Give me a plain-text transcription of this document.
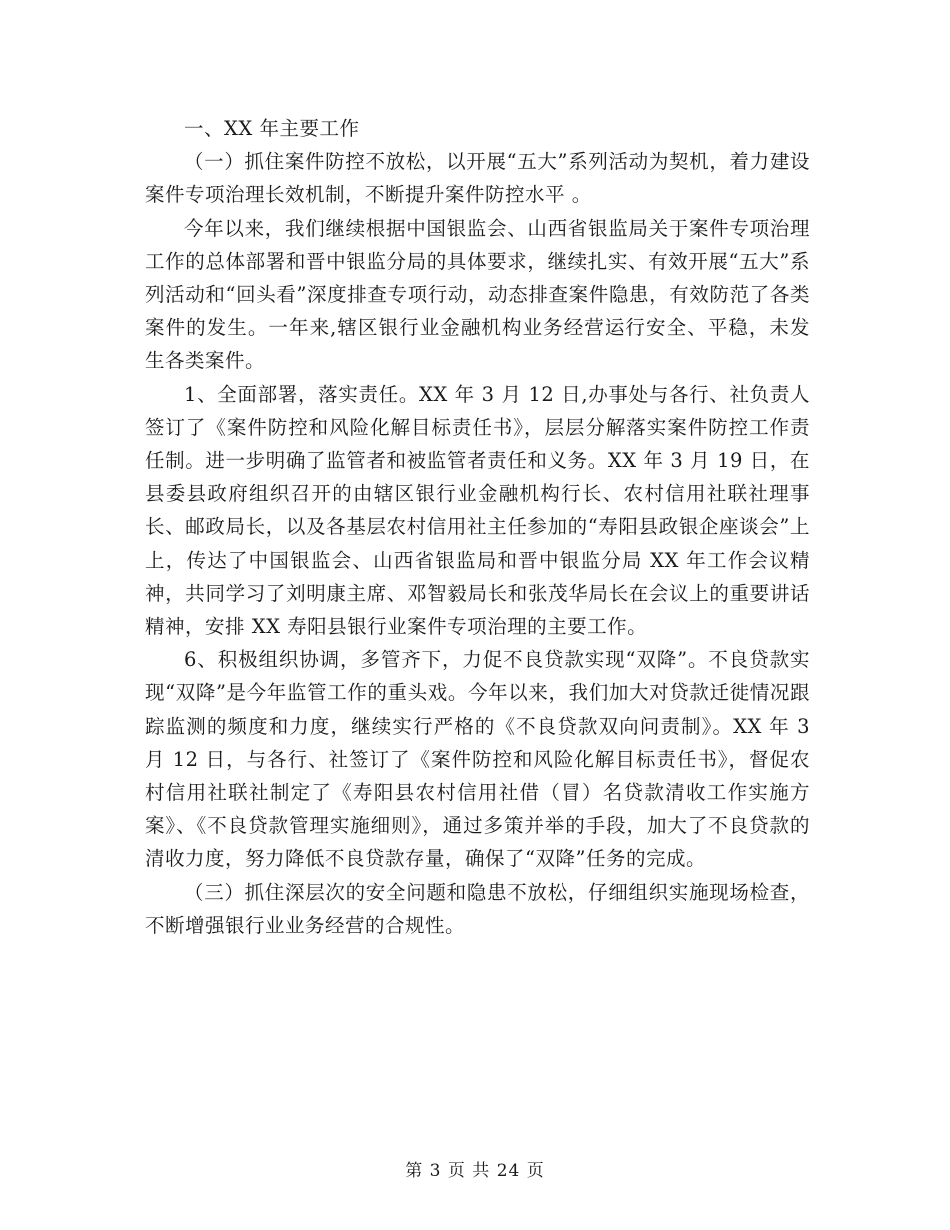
一、XX 年主要工作

（一）抓住案件防控不放松，以开展“五大”系列活动为契机，着力建设案件专项治理长效机制，不断提升案件防控水平 。

今年以来，我们继续根据中国银监会、山西省银监局关于案件专项治理工作的总体部署和晋中银监分局的具体要求，继续扎实、有效开展“五大”系列活动和“回头看”深度排查专项行动，动态排查案件隐患，有效防范了各类案件的发生。一年来,辖区银行业金融机构业务经营运行安全、平稳，未发生各类案件。

1、全面部署，落实责任。XX 年 3 月 12 日,办事处与各行、社负责人签订了《案件防控和风险化解目标责任书》，层层分解落实案件防控工作责任制。进一步明确了监管者和被监管者责任和义务。XX 年 3 月 19 日，在县委县政府组织召开的由辖区银行业金融机构行长、农村信用社联社理事长、邮政局长，以及各基层农村信用社主任参加的“寿阳县政银企座谈会”上上，传达了中国银监会、山西省银监局和晋中银监分局 XX 年工作会议精神，共同学习了刘明康主席、邓智毅局长和张茂华局长在会议上的重要讲话精神，安排 XX 寿阳县银行业案件专项治理的主要工作。

6、积极组织协调，多管齐下，力促不良贷款实现“双降”。不良贷款实现“双降”是今年监管工作的重头戏。今年以来，我们加大对贷款迁徙情况跟踪监测的频度和力度，继续实行严格的《不良贷款双向问责制》。XX 年 3 月 12 日，与各行、社签订了《案件防控和风险化解目标责任书》，督促农村信用社联社制定了《寿阳县农村信用社借（冒）名贷款清收工作实施方案》、《不良贷款管理实施细则》，通过多策并举的手段，加大了不良贷款的清收力度，努力降低不良贷款存量，确保了“双降”任务的完成。

（三）抓住深层次的安全问题和隐患不放松，仔细组织实施现场检查，不断增强银行业业务经营的合规性。

第 3 页 共 24 页
